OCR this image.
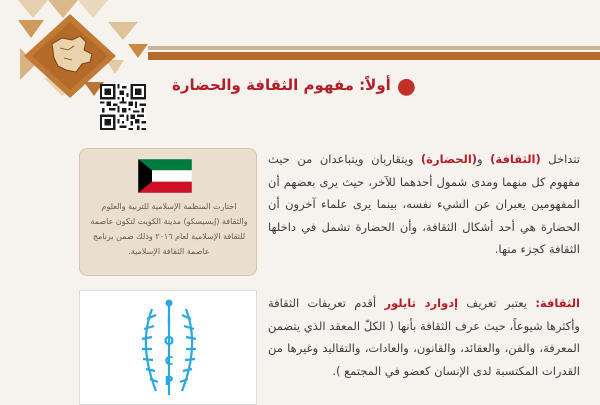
●أولاً: مفهوم الثقافة والحضارة
اختارت المنظمة الإسلامية للتربية والعلوم والثقافة (إيسيسكو) مدينة الكويت لتكون عاصمة للثقافة الإسلامية لعام ٢٠١٦ وذلك ضمن برنامج عاصمة الثقافة الإسلامية.
تتداخل (الثقافة) و(الحضارة) ويتقاربان ويتباعدان من حيث مفهوم كل منهما ومدى شمول أحدهما للآخر، حيث يرى بعضهم أن المفهومين يعبران عن الشيء نفسه، بينما يرى علماء آخرون أن الحضارة هي أحد أشكال الثقافة، وأن الحضارة تشمل في داخلها الثقافة كجزء منها.
I
O
C
P
الثقافة: يعتبر تعريف إدوارد تايلور أقدم تعريفات الثقافة وأكثرها شيوعاً، حيث عرف الثقافة بأنها ( الكلّ المعقد الذي يتضمن المعرفة، والفن، والعقائد، والقانون، والعادات، والتقاليد وغيرها من القدرات المكتسبة لدى الإنسان كعضو في المجتمع ).
